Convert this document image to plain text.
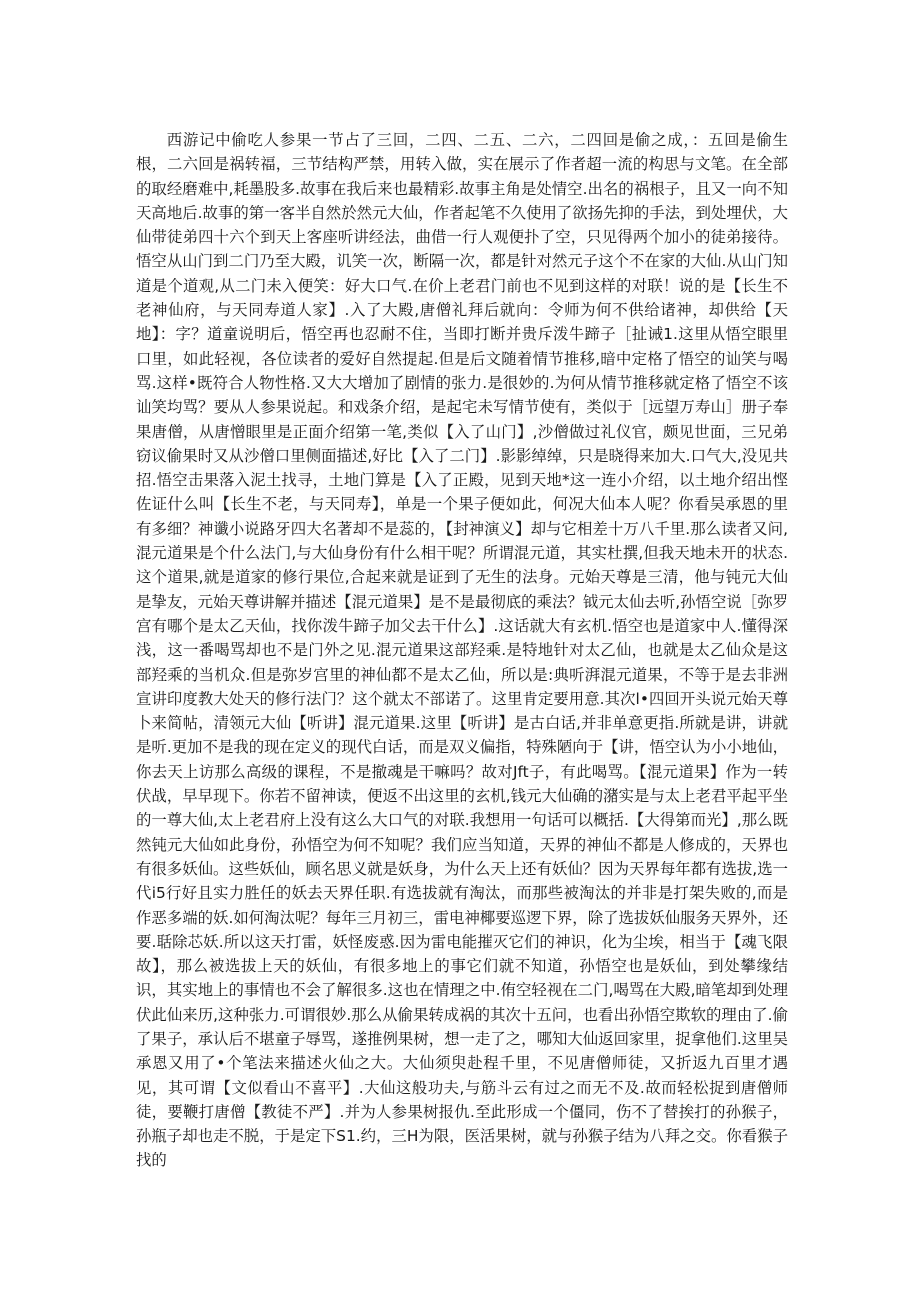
西游记中偷吃人参果一节占了三回，二四、二五、二六，二四回是偷之成，：五回是偷生根，二六回是祸转福，三节结构严禁，用转入做，实在展示了作者超一流的构思与文笔。在全部的取经磨难中,耗墨股多.故事在我后来也最精彩.故事主角是处情空.出名的祸根子，且又一向不知天高地后.故事的第一客半自然於然元大仙，作者起笔不久使用了欲扬先抑的手法，到处埋伏，大仙带徒弟四十六个到天上客座听讲经法，曲借一行人观便扑了空，只见得两个加小的徒弟接待。悟空从山门到二门乃至大殿，讥笑一次，断隔一次，都是针对然元子这个不在家的大仙.从山门知道是个道观,从二门未入便笑：好大口气.在价上老君门前也不见到这样的对联！说的是【长生不老神仙府，与天同寿道人家】.入了大殿,唐僧礼拜后就向：令师为何不供给诸神，却供给【天地】：字？道童说明后，悟空再也忍耐不住，当即打断并贵斥泼牛蹄子［扯诫1.这里从悟空眼里口里，如此轻视，各位读者的爱好自然提起.但是后文随着情节推移,暗中定格了悟空的讪笑与喝骂.这样•既符合人物性格.又大大增加了剧情的张力.是很妙的.为何从情节推移就定格了悟空不该讪笑均骂？要从人参果说起。和戏条介绍，是起宅未写情节使有，类似于［远望万寿山］册子奉果唐僧，从唐憎眼里是正面介绍第一笔,类似【入了山门】,沙僧做过礼仪官，颇见世面，三兄弟窃议偷果时又从沙僧口里侧面描述,好比【入了二门】.影影绰绰，只是晓得来加大.口气大,没见共招.悟空击果落入泥土找寻，土地门算是【入了正殿，见到天地*这一连小介绍，以土地介绍出悭佐证什么叫【长生不老，与天同寿】，单是一个果子便如此，何况大仙本人呢？你看吴承恩的里有多细？神谶小说路牙四大名著却不是蕊的，【封神演义】却与它相差十万八千里.那么读者又问,混元道果是个什么法门,与大仙身份有什么相干呢？所谓混元道，其实杜撰,但我天地未开的状态.这个道果,就是道家的修行果位,合起来就是证到了无生的法身。元始天尊是三清，他与钝元大仙是挚友，元始天尊讲解并描述【混元道果】是不是最彻底的乘法？钺元太仙去听,孙悟空说［弥罗宫有哪个是太乙天仙，找你泼牛蹄子加父去干什么】.这话就大有玄机.悟空也是道家中人.懂得深浅，这一番喝骂却也不是门外之见.混元道果这部羟乘.是特地针对太乙仙，也就是太乙仙众是这部羟乘的当机众.但是弥岁宫里的神仙都不是太乙仙，所以是:典听湃混元道果，不等于是去非洲宣讲印度教大处天的修行法门？这个就太不部诺了。这里肯定要用意.其次l•四回开头说元始天尊卜来简帖，清领元大仙【听讲】混元道果.这里【听讲】是古白话,并非单意更指.所就是讲，讲就是听.更加不是我的现在定义的现代白话，而是双义偏指，特殊陋向于【讲，悟空认为小小地仙，你去天上访那么高级的课程，不是撤魂是干嘛吗？故对Jft子，有此喝骂。【混元道果】作为一转伏战，早早现下。你若不留神读，便返不出这里的玄机,钱元大仙确的潴实是与太上老君平起平坐的一尊大仙,太上老君府上没有这么大口气的对联.我想用一句话可以概括.【大得第而光】,那么既然钝元大仙如此身份，孙悟空为何不知呢？我们应当知道，天界的神仙不都是人修成的，天界也有很多妖仙。这些妖仙，顾名思义就是妖身，为什么天上还有妖仙？因为天界每年都有选拔,选一代i5行好且实力胜任的妖去天界任职.有选拔就有淘汰，而那些被淘汰的并非是打架失败的,而是作恶多端的妖.如何淘汰呢？每年三月初三，雷电神椰要巡逻下界，除了选拔妖仙服务天界外，还要.聒除芯妖.所以这天打雷，妖怪废惑.因为雷电能摧灭它们的神识，化为尘埃，相当于【魂飞限故】，那么被选拔上天的妖仙，有很多地上的事它们就不知道，孙悟空也是妖仙，到处攀缘结识，其实地上的事情也不会了解很多.这也在情理之中.侑空轻视在二门,喝骂在大殿,暗笔却到处理伏此仙来历,这种张力.可谓很妙.那么从偷果转成祸的其次十五问，也看出孙悟空欺软的理由了.偷了果子，承认后不堪童子辱骂，遂推例果树，想一走了之，哪知大仙返回家里，捉拿他们.这里吴承恩又用了•个笔法来描述火仙之大。大仙须臾赴程千里，不见唐僧师徒，又折返九百里才遇见，其可谓【文似看山不喜平】.大仙这般功夫,与筋斗云有过之而无不及.故而轻松捉到唐僧师徒，要鞭打唐僧【教徒不严】.并为人参果树报仇.至此形成一个僵同，伤不了替挨打的孙猴子，孙瓶子却也走不脱，于是定下S1.约，三H为限，医活果树，就与孙猴子结为八拜之交。你看猴子找的
